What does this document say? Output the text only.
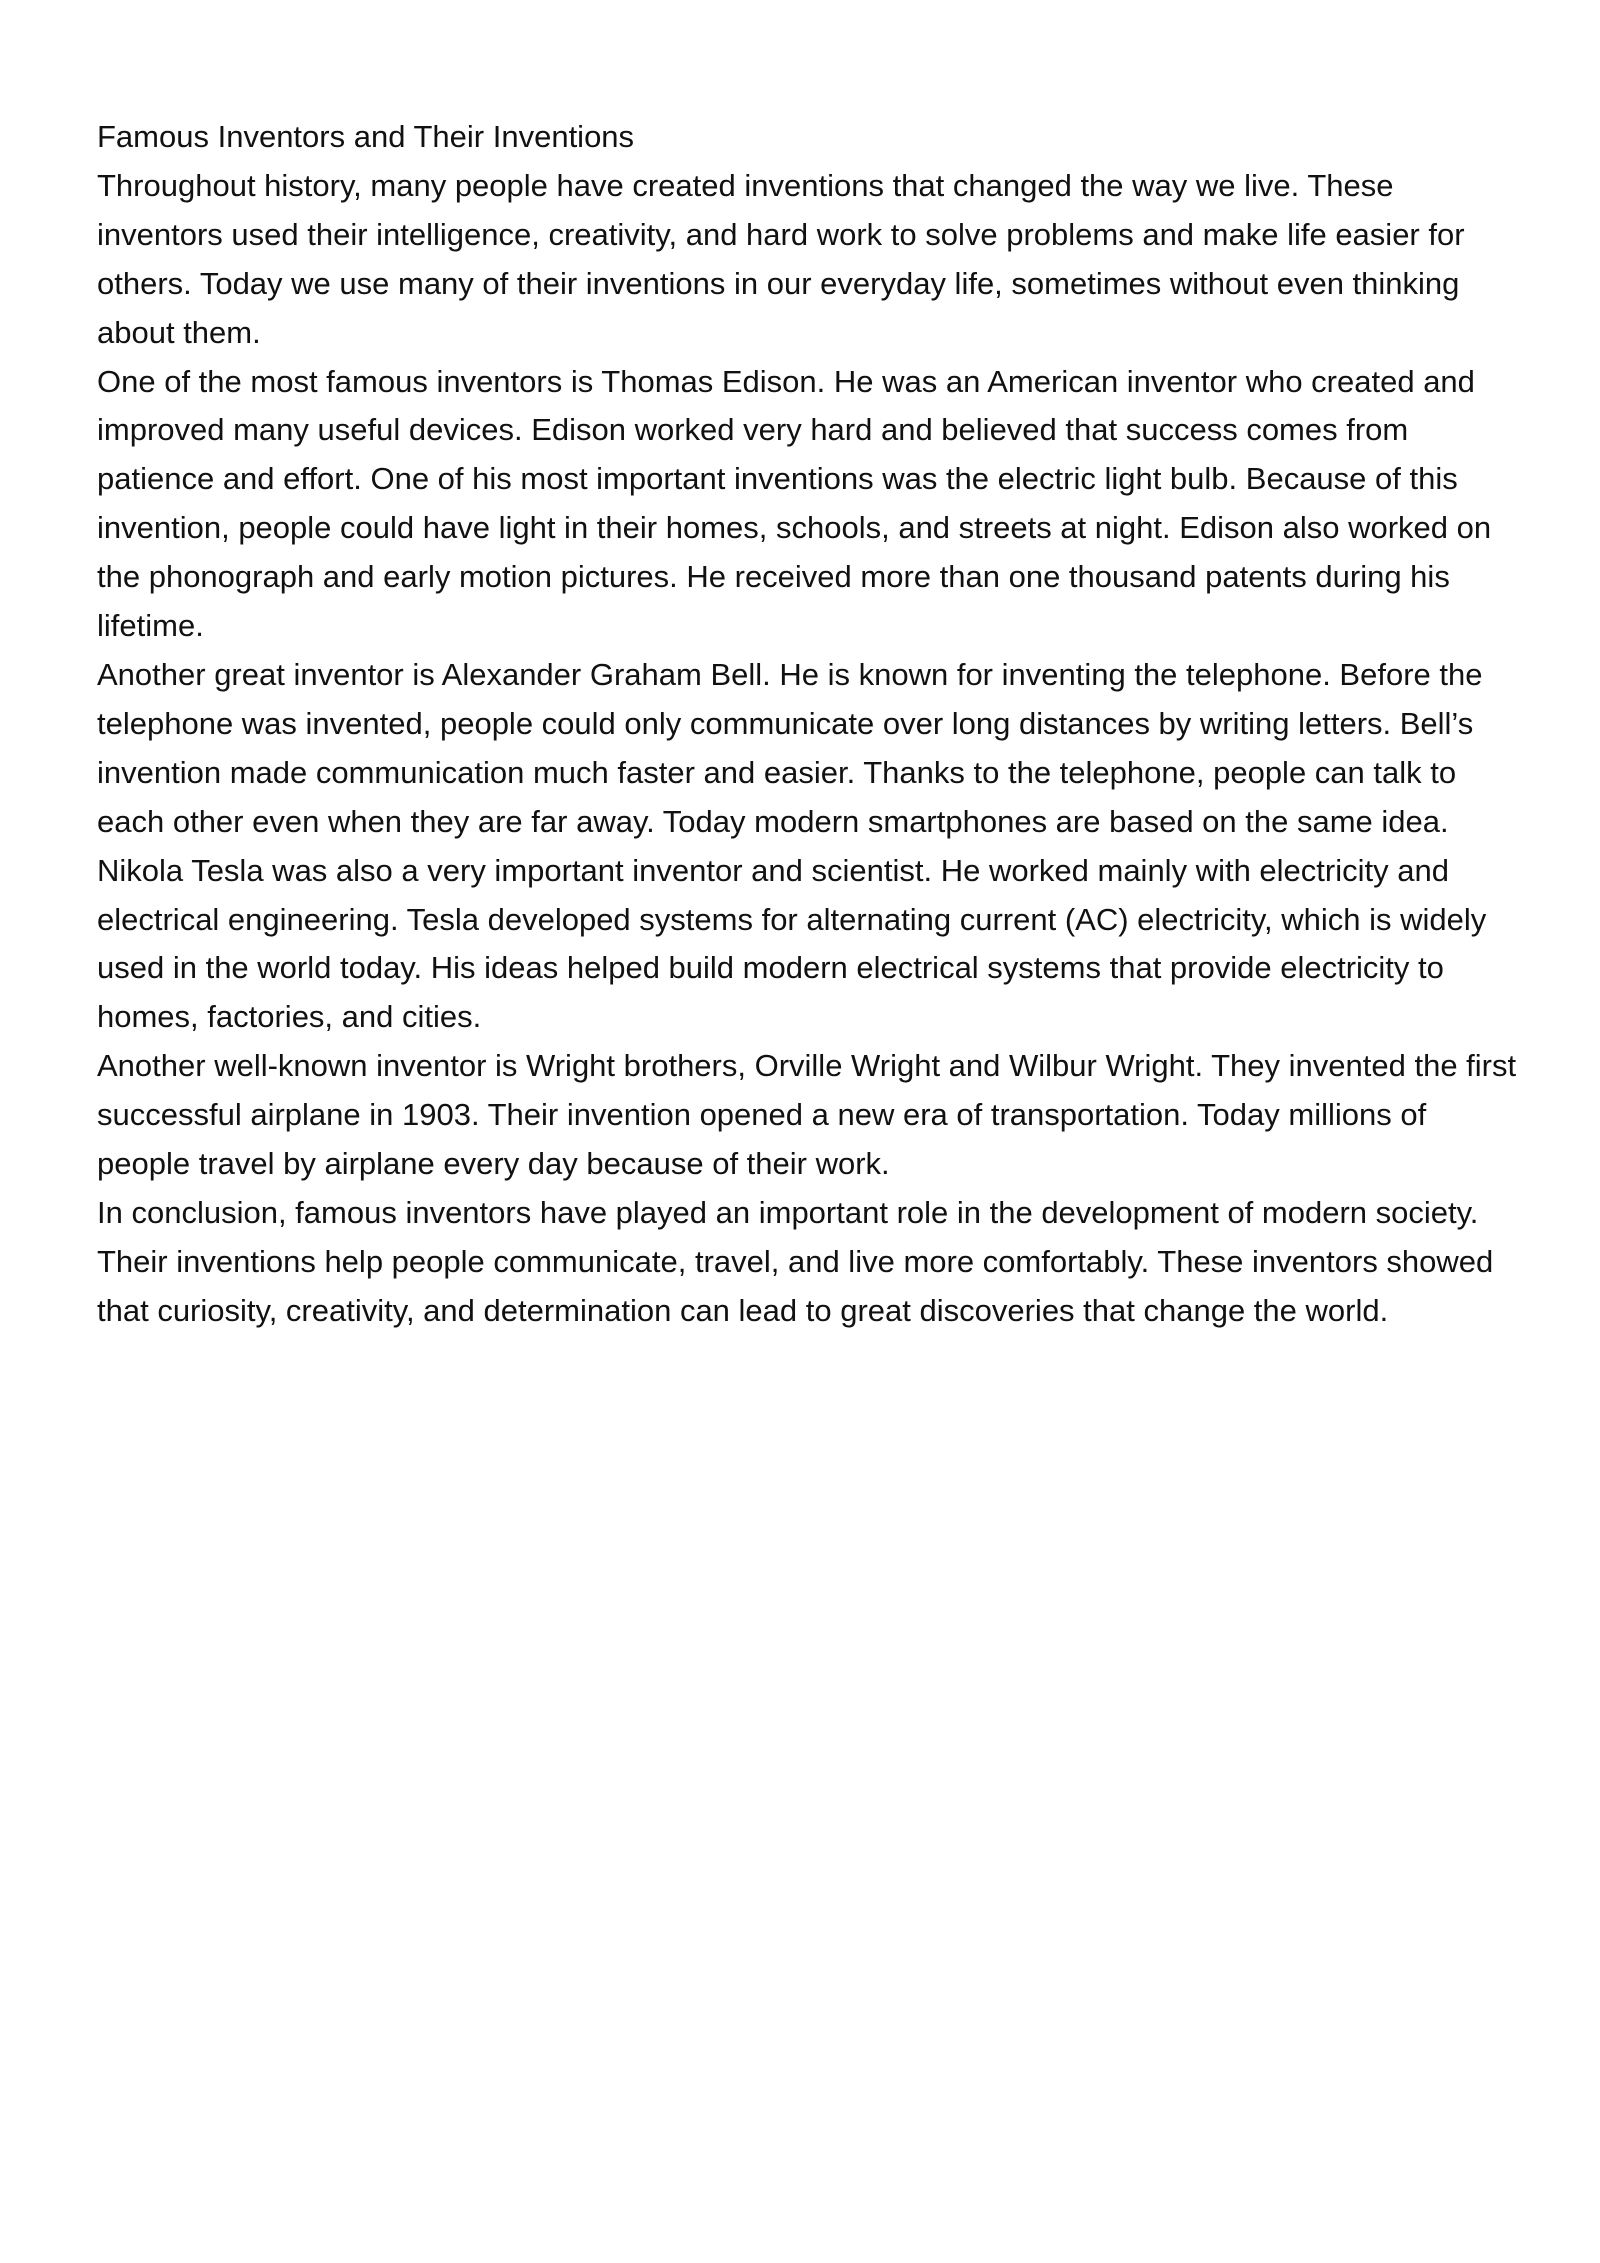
Famous Inventors and Their Inventions

Throughout history, many people have created inventions that changed the way we live. These inventors used their intelligence, creativity, and hard work to solve problems and make life easier for others. Today we use many of their inventions in our everyday life, sometimes without even thinking about them.

One of the most famous inventors is Thomas Edison. He was an American inventor who created and improved many useful devices. Edison worked very hard and believed that success comes from patience and effort. One of his most important inventions was the electric light bulb. Because of this invention, people could have light in their homes, schools, and streets at night. Edison also worked on the phonograph and early motion pictures. He received more than one thousand patents during his lifetime.

Another great inventor is Alexander Graham Bell. He is known for inventing the telephone. Before the telephone was invented, people could only communicate over long distances by writing letters. Bell’s invention made communication much faster and easier. Thanks to the telephone, people can talk to each other even when they are far away. Today modern smartphones are based on the same idea.

Nikola Tesla was also a very important inventor and scientist. He worked mainly with electricity and electrical engineering. Tesla developed systems for alternating current (AC) electricity, which is widely used in the world today. His ideas helped build modern electrical systems that provide electricity to homes, factories, and cities.

Another well-known inventor is Wright brothers, Orville Wright and Wilbur Wright. They invented the first successful airplane in 1903. Their invention opened a new era of transportation. Today millions of people travel by airplane every day because of their work.

In conclusion, famous inventors have played an important role in the development of modern society. Their inventions help people communicate, travel, and live more comfortably. These inventors showed that curiosity, creativity, and determination can lead to great discoveries that change the world.
